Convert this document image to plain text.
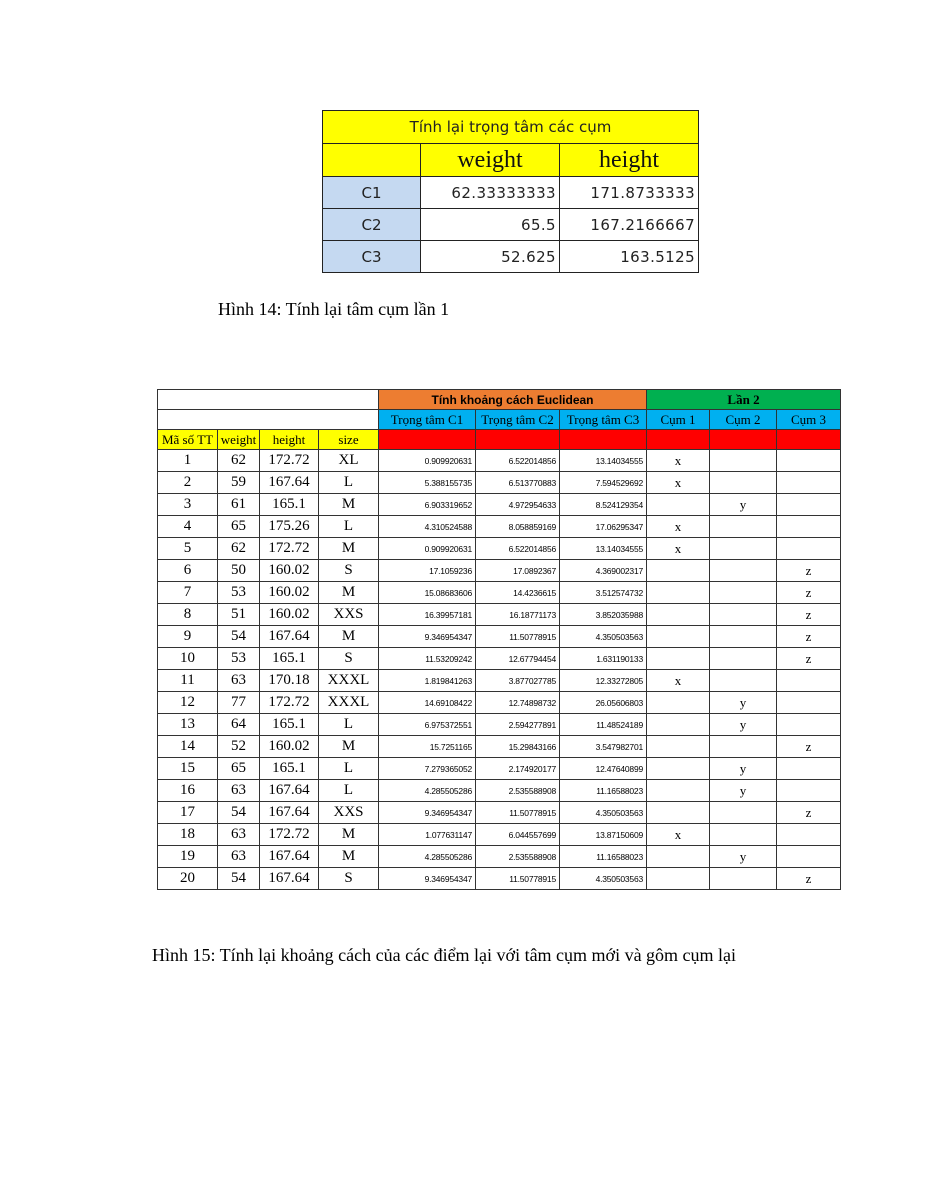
Tính lại trọng tâm các cụm		
	weight	height
C1	62.33333333	171.8733333
C2	65.5	167.2166667
C3	52.625	163.5125

Hình 14: Tính lại tâm cụm lần 1

				Tính khoảng cách Euclidean			Lần 2		
				Trọng tâm C1	Trọng tâm C2	Trọng tâm C3	Cụm 1	Cụm 2	Cụm 3
Mã số TT	weight	height	size						
1	62	172.72	XL	0.909920631	6.522014856	13.14034555	x		
2	59	167.64	L	5.388155735	6.513770883	7.594529692	x		
3	61	165.1	M	6.903319652	4.972954633	8.524129354		y	
4	65	175.26	L	4.310524588	8.058859169	17.06295347	x		
5	62	172.72	M	0.909920631	6.522014856	13.14034555	x		
6	50	160.02	S	17.1059236	17.0892367	4.369002317			z
7	53	160.02	M	15.08683606	14.4236615	3.512574732			z
8	51	160.02	XXS	16.39957181	16.18771173	3.852035988			z
9	54	167.64	M	9.346954347	11.50778915	4.350503563			z
10	53	165.1	S	11.53209242	12.67794454	1.631190133			z
11	63	170.18	XXXL	1.819841263	3.877027785	12.33272805	x		
12	77	172.72	XXXL	14.69108422	12.74898732	26.05606803		y	
13	64	165.1	L	6.975372551	2.594277891	11.48524189		y	
14	52	160.02	M	15.7251165	15.29843166	3.547982701			z
15	65	165.1	L	7.279365052	2.174920177	12.47640899		y	
16	63	167.64	L	4.285505286	2.535588908	11.16588023		y	
17	54	167.64	XXS	9.346954347	11.50778915	4.350503563			z
18	63	172.72	M	1.077631147	6.044557699	13.87150609	x		
19	63	167.64	M	4.285505286	2.535588908	11.16588023		y	
20	54	167.64	S	9.346954347	11.50778915	4.350503563			z

Hình 15: Tính lại khoảng cách của các điểm lại với tâm cụm mới và gôm cụm lại
